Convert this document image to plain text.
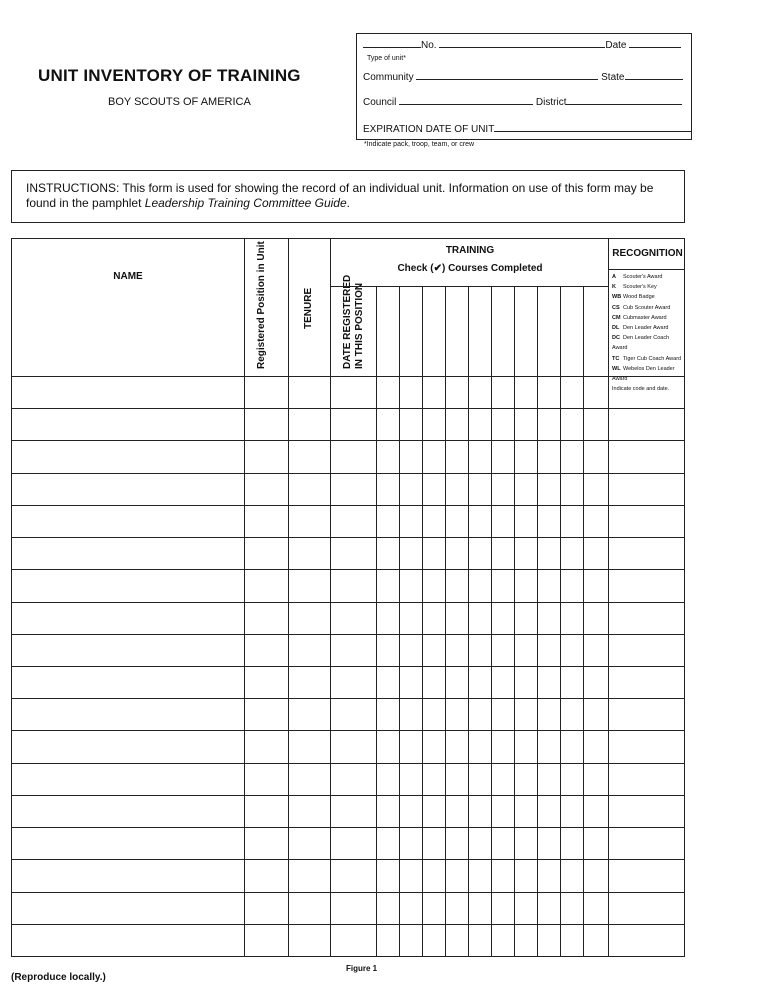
UNIT INVENTORY OF TRAINING
BOY SCOUTS OF AMERICA
No.	Date
Type of unit*
Community	State
Council	District
EXPIRATION DATE OF UNIT
*Indicate pack, troop, team, or crew
INSTRUCTIONS: This form is used for showing the record of an individual unit. Information on use of this form may be found in the pamphlet Leadership Training Committee Guide.
NAME	Registered Position in Unit	TENURE	DATE REGISTERED IN THIS POSITION
TRAINING
Check (✔) Courses Completed
RECOGNITION
A Scouter's Award
K Scouter's Key
WB Wood Badge
CS Cub Scouter Award
CM Cubmaster Award
DL Den Leader Award
DC Den Leader Coach Award
TC Tiger Cub Coach Award
WL Webelos Den Leader Award
Indicate code and date.
(Reproduce locally.)
Figure 1
